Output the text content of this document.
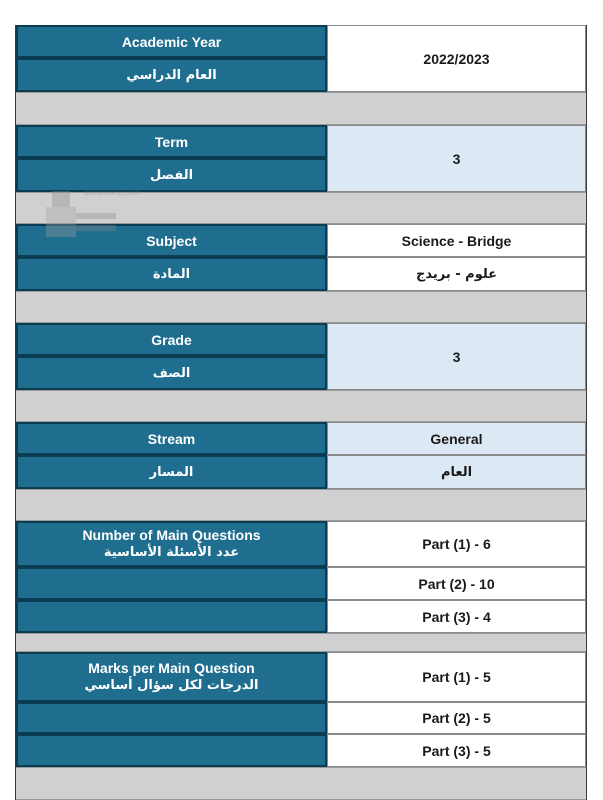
Academic Year
العام الدراسي
2022/2023
Term
الفصل
3
Subject
المادة
Science - Bridge
علوم - بريدج
Grade
الصف
3
Stream
المسار
General
العام
Number of Main Questions
عدد الأسئلة الأساسية
Part (1) - 6
Part (2) - 10
Part (3) - 4
Marks per Main Question
الدرجات لكل سؤال أساسي
Part (1) - 5
Part (2) - 5
Part (3) - 5
almanahj.com
